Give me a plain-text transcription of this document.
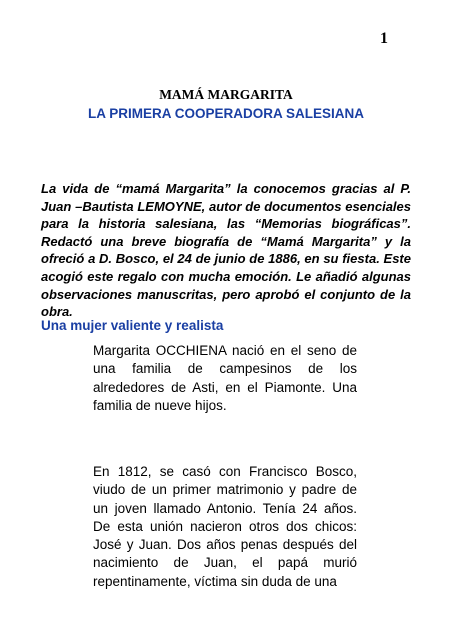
1
MAMÁ MARGARITA
LA PRIMERA COOPERADORA SALESIANA

La vida de “mamá Margarita” la conocemos gracias al P. Juan –Bautista LEMOYNE, autor de documentos esenciales para la historia salesiana, las “Memorias biográficas”. Redactó una breve biografía de “Mamá Margarita” y la ofreció a D. Bosco, el 24 de junio de 1886, en su fiesta. Este acogió este regalo con mucha emoción. Le añadió algunas observaciones manuscritas, pero aprobó el conjunto de la obra.

Una mujer valiente y realista

Margarita OCCHIENA nació en el seno de una familia de campesinos de los alrededores de Asti, en el Piamonte. Una familia de nueve hijos.

En 1812, se casó con Francisco Bosco, viudo de un primer matrimonio y padre de un joven llamado Antonio. Tenía 24 años. De esta unión nacieron otros dos chicos: José y Juan. Dos años penas después del nacimiento de Juan, el papá murió repentinamente, víctima sin duda de una
